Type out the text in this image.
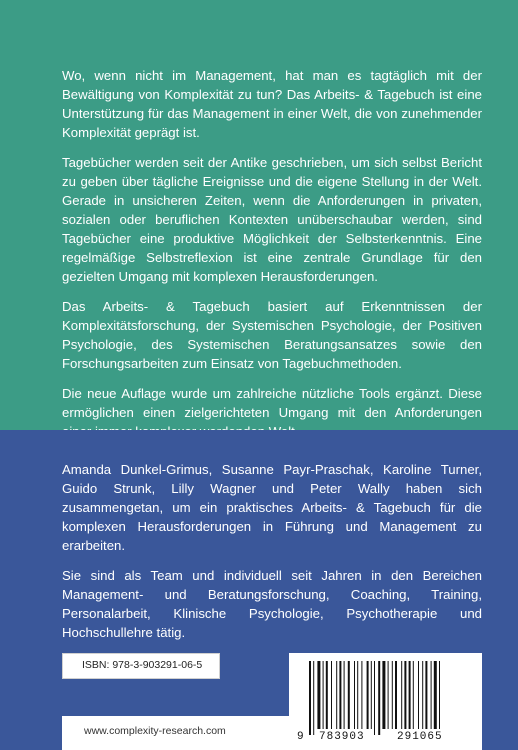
Wo, wenn nicht im Management, hat man es tagtäglich mit der Bewältigung von Komplexität zu tun? Das Arbeits- & Tagebuch ist eine Unterstützung für das Management in einer Welt, die von zunehmender Komplexität geprägt ist.

Tagebücher werden seit der Antike geschrieben, um sich selbst Bericht zu geben über tägliche Ereignisse und die eigene Stellung in der Welt. Gerade in unsicheren Zeiten, wenn die Anforderungen in privaten, sozialen oder beruflichen Kontexten unüberschaubar werden, sind Tagebücher eine produktive Möglichkeit der Selbsterkenntnis. Eine regelmäßige Selbstreflexion ist eine zentrale Grundlage für den gezielten Umgang mit komplexen Herausforderungen.

Das Arbeits- & Tagebuch basiert auf Erkenntnissen der Komplexitätsforschung, der Systemischen Psychologie, der Positiven Psychologie, des Systemischen Beratungsansatzes sowie den Forschungsarbeiten zum Einsatz von Tagebuchmethoden.

Die neue Auflage wurde um zahlreiche nützliche Tools ergänzt. Diese ermöglichen einen zielgerichteten Umgang mit den Anforderungen

Amanda Dunkel-Grimus, Susanne Payr-Praschak, Karoline Turner, Guido Strunk, Lilly Wagner und Peter Wally haben sich zusammengetan, um ein praktisches Arbeits- & Tagebuch für die komplexen Herausforderungen in Führung und Management zu erarbeiten.

Sie sind als Team und individuell seit Jahren in den Bereichen Management- und Beratungsforschung, Coaching, Training, Personalarbeit, Klinische Psychologie, Psychotherapie und Hochschullehre tätig.

ISBN: 978-3-903291-06-5
www.complexity-research.com	9 783903	291065
